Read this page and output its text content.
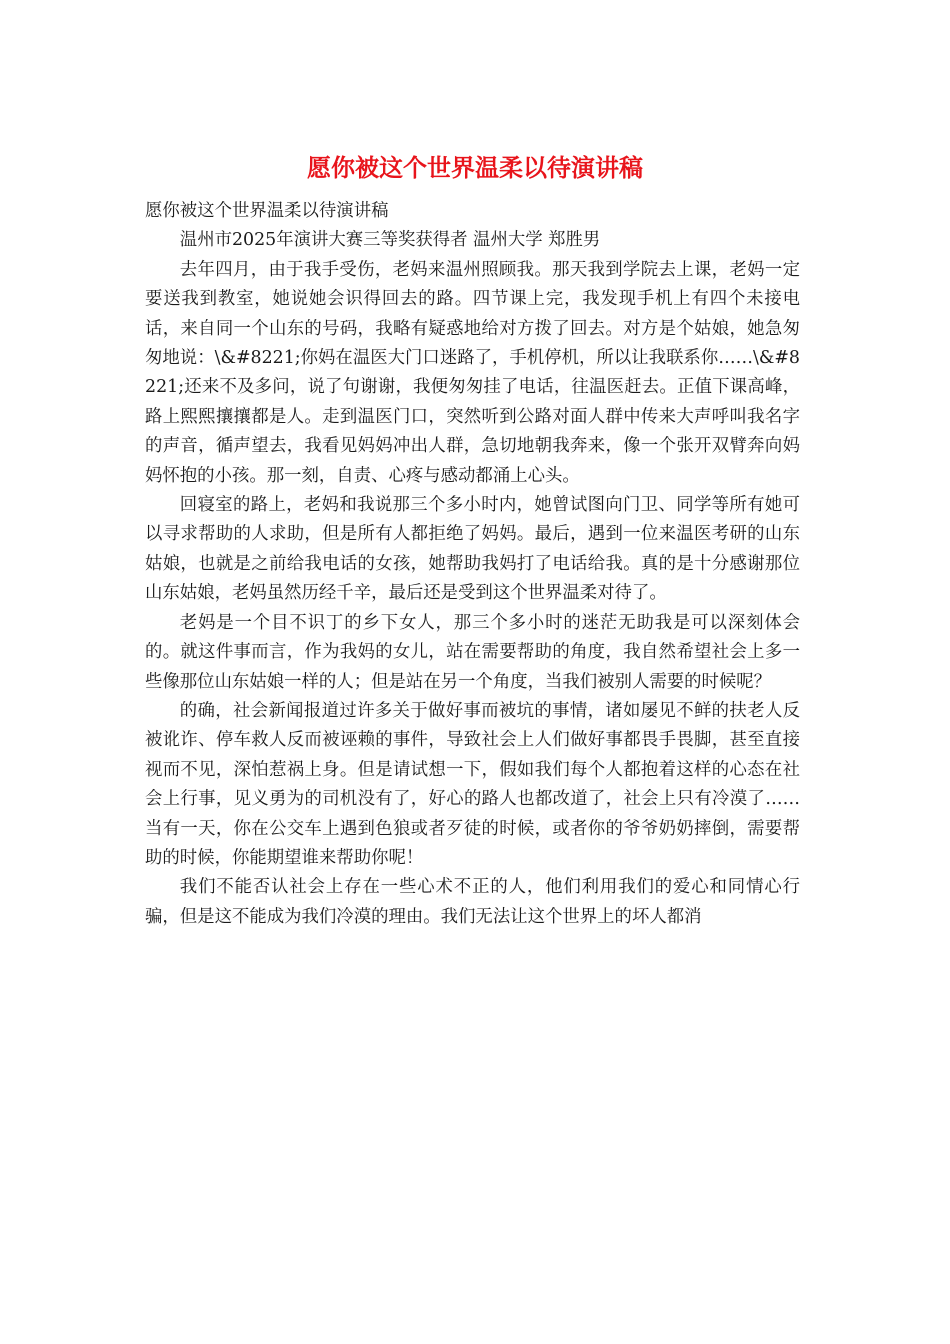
愿你被这个世界温柔以待演讲稿

愿你被这个世界温柔以待演讲稿

温州市2025年演讲大赛三等奖获得者 温州大学 郑胜男

去年四月，由于我手受伤，老妈来温州照顾我。那天我到学院去上课，老妈一定要送我到教室，她说她会识得回去的路。四节课上完，我发现手机上有四个未接电话，来自同一个山东的号码，我略有疑惑地给对方拨了回去。对方是个姑娘，她急匆匆地说：\&#8221;你妈在温医大门口迷路了，手机停机，所以让我联系你……\&#8221;还来不及多问，说了句谢谢，我便匆匆挂了电话，往温医赶去。正值下课高峰，路上熙熙攘攘都是人。走到温医门口，突然听到公路对面人群中传来大声呼叫我名字的声音，循声望去，我看见妈妈冲出人群，急切地朝我奔来，像一个张开双臂奔向妈妈怀抱的小孩。那一刻，自责、心疼与感动都涌上心头。

回寝室的路上，老妈和我说那三个多小时内，她曾试图向门卫、同学等所有她可以寻求帮助的人求助，但是所有人都拒绝了妈妈。最后，遇到一位来温医考研的山东姑娘，也就是之前给我电话的女孩，她帮助我妈打了电话给我。真的是十分感谢那位山东姑娘，老妈虽然历经千辛，最后还是受到这个世界温柔对待了。

老妈是一个目不识丁的乡下女人，那三个多小时的迷茫无助我是可以深刻体会的。就这件事而言，作为我妈的女儿，站在需要帮助的角度，我自然希望社会上多一些像那位山东姑娘一样的人；但是站在另一个角度，当我们被别人需要的时候呢？

的确，社会新闻报道过许多关于做好事而被坑的事情，诸如屡见不鲜的扶老人反被讹诈、停车救人反而被诬赖的事件，导致社会上人们做好事都畏手畏脚，甚至直接视而不见，深怕惹祸上身。但是请试想一下，假如我们每个人都抱着这样的心态在社会上行事，见义勇为的司机没有了，好心的路人也都改道了，社会上只有冷漠了……当有一天，你在公交车上遇到色狼或者歹徒的时候，或者你的爷爷奶奶摔倒，需要帮助的时候，你能期望谁来帮助你呢！

我们不能否认社会上存在一些心术不正的人，他们利用我们的爱心和同情心行骗，但是这不能成为我们冷漠的理由。我们无法让这个世界上的坏人都消
